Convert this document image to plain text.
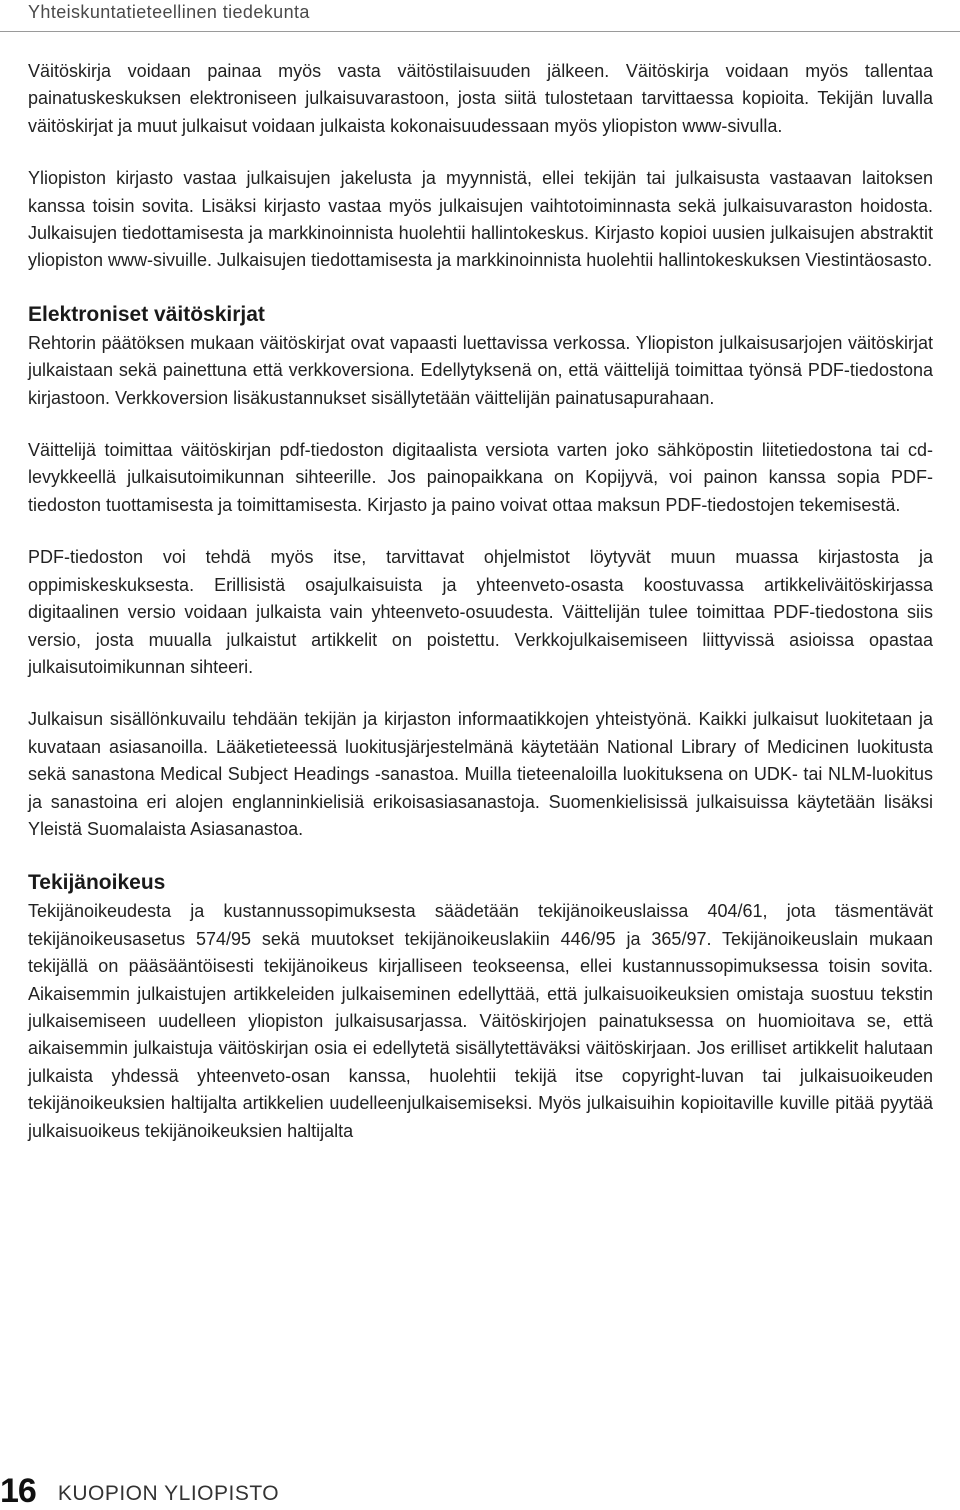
Yhteiskuntatieteellinen tiedekunta

Väitöskirja voidaan painaa myös vasta väitöstilaisuuden jälkeen. Väitöskirja voidaan myös tallentaa painatuskeskuksen elektroniseen julkaisuvarastoon, josta siitä tulostetaan tarvittaessa kopioita. Tekijän luvalla väitöskirjat ja muut julkaisut voidaan julkaista kokonaisuudessaan myös yliopiston www-sivulla.

Yliopiston kirjasto vastaa julkaisujen jakelusta ja myynnistä, ellei tekijän tai julkaisusta vastaavan laitoksen kanssa toisin sovita. Lisäksi kirjasto vastaa myös julkaisujen vaihtotoiminnasta sekä julkaisuvaraston hoidosta. Julkaisujen tiedottamisesta ja markkinoinnista huolehtii hallintokeskus. Kirjasto kopioi uusien julkaisujen abstraktit yliopiston www-sivuille. Julkaisujen tiedottamisesta ja markkinoinnista huolehtii hallintokeskuksen Viestintäosasto.

Elektroniset väitöskirjat

Rehtorin päätöksen mukaan väitöskirjat ovat vapaasti luettavissa verkossa. Yliopiston julkaisusarjojen väitöskirjat julkaistaan sekä painettuna että verkkoversiona. Edellytyksenä on, että väittelijä toimittaa työnsä PDF-tiedostona kirjastoon. Verkkoversion lisäkustannukset sisällytetään väittelijän painatusapurahaan.

Väittelijä toimittaa väitöskirjan pdf-tiedoston digitaalista versiota varten joko sähköpostin liitetiedostona tai cd-levykkeellä julkaisutoimikunnan sihteerille. Jos painopaikkana on Kopijyvä, voi painon kanssa sopia PDF-tiedoston tuottamisesta ja toimittamisesta. Kirjasto ja paino voivat ottaa maksun PDF-tiedostojen tekemisestä.

PDF-tiedoston voi tehdä myös itse, tarvittavat ohjelmistot löytyvät muun muassa kirjastosta ja oppimiskeskuksesta. Erillisistä osajulkaisuista ja yhteenveto-osasta koostuvassa artikkeliväitöskirjassa digitaalinen versio voidaan julkaista vain yhteenveto-osuudesta. Väittelijän tulee toimittaa PDF-tiedostona siis versio, josta muualla julkaistut artikkelit on poistettu. Verkkojulkaisemiseen liittyvissä asioissa opastaa julkaisutoimikunnan sihteeri.

Julkaisun sisällönkuvailu tehdään tekijän ja kirjaston informaatikkojen yhteistyönä. Kaikki julkaisut luokitetaan ja kuvataan asiasanoilla. Lääketieteessä luokitusjärjestelmänä käytetään National Library of Medicinen luokitusta sekä sanastona Medical Subject Headings -sanastoa. Muilla tieteenaloilla luokituksena on UDK- tai NLM-luokitus ja sanastoina eri alojen englanninkielisiä erikoisasiasanastoja. Suomenkielisissä julkaisuissa käytetään lisäksi Yleistä Suomalaista Asiasanastoa.

Tekijänoikeus

Tekijänoikeudesta ja kustannussopimuksesta säädetään tekijänoikeuslaissa 404/61, jota täsmentävät tekijänoikeusasetus 574/95 sekä muutokset tekijänoikeuslakiin 446/95 ja 365/97. Tekijänoikeuslain mukaan tekijällä on pääsääntöisesti tekijänoikeus kirjalliseen teokseensa, ellei kustannussopimuksessa toisin sovita. Aikaisemmin julkaistujen artikkeleiden julkaiseminen edellyttää, että julkaisuoikeuksien omistaja suostuu tekstin julkaisemiseen uudelleen yliopiston julkaisusarjassa. Väitöskirjojen painatuksessa on huomioitava se, että aikaisemmin julkaistuja väitöskirjan osia ei edellytetä sisällytettäväksi väitöskirjaan. Jos erilliset artikkelit halutaan julkaista yhdessä yhteenveto-osan kanssa, huolehtii tekijä itse copyright-luvan tai julkaisuoikeuden tekijänoikeuksien haltijalta artikkelien uudelleenjulkaisemiseksi. Myös julkaisuihin kopioitaville kuville pitää pyytää julkaisuoikeus tekijänoikeuksien haltijalta

16 KUOPION YLIOPISTO
